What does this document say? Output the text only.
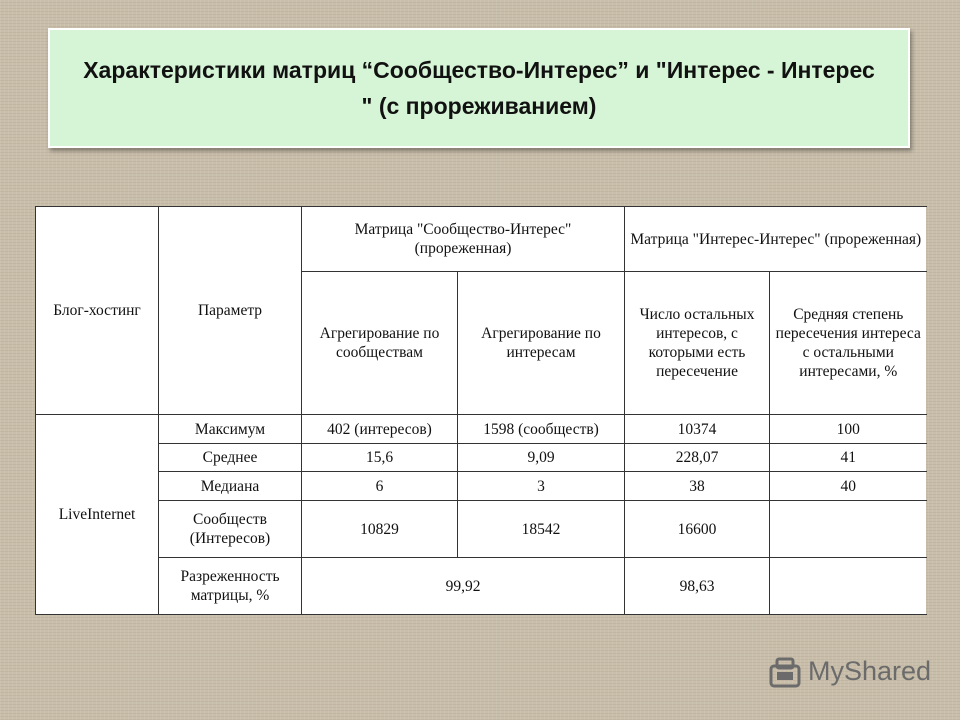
Характеристики матриц “Сообщество-Интерес” и "Интерес - Интерес " (с прореживанием)
Блог-хостинг	Параметр	Матрица "Сообщество-Интерес" (прореженная)		Матрица "Интерес-Интерес" (прореженная)	
		Агрегирование по сообществам	Агрегирование по интересам	Число остальных интересов, с которыми есть пересечение	Средняя степень пересечения интереса с остальными интересами, %
LiveInternet	Максимум	402 (интересов)	1598 (сообществ)	10374	100
	Среднее	15,6	9,09	228,07	41
	Медиана	6	3	38	40
	Сообществ (Интересов)	10829	18542	16600	
	Разреженность матрицы, %	99,92		98,63	
MyShared
